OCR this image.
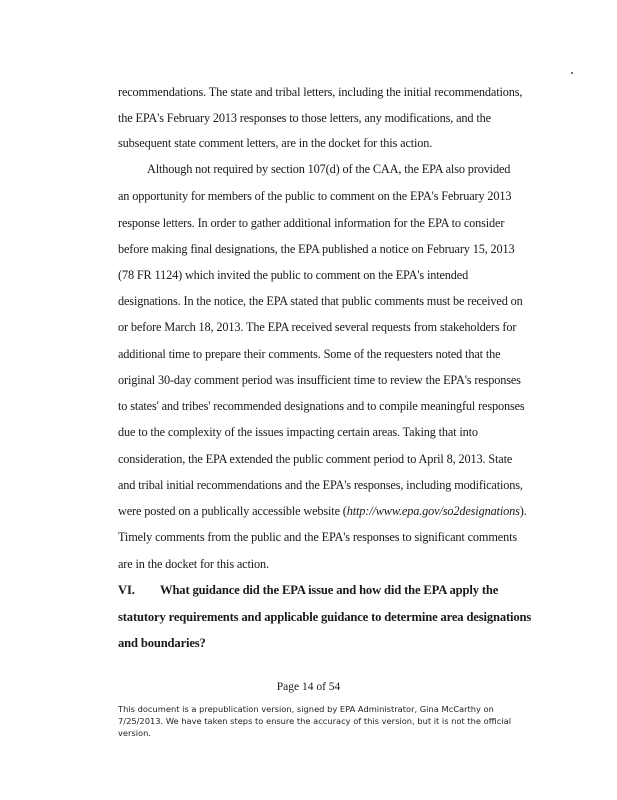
recommendations. The state and tribal letters, including the initial recommendations,
the EPA's February 2013 responses to those letters, any modifications, and the
subsequent state comment letters, are in the docket for this action.
Although not required by section 107(d) of the CAA, the EPA also provided
an opportunity for members of the public to comment on the EPA's February 2013
response letters. In order to gather additional information for the EPA to consider
before making final designations, the EPA published a notice on February 15, 2013
(78 FR 1124) which invited the public to comment on the EPA's intended
designations. In the notice, the EPA stated that public comments must be received on
or before March 18, 2013. The EPA received several requests from stakeholders for
additional time to prepare their comments. Some of the requesters noted that the
original 30-day comment period was insufficient time to review the EPA's responses
to states' and tribes' recommended designations and to compile meaningful responses
due to the complexity of the issues impacting certain areas. Taking that into
consideration, the EPA extended the public comment period to April 8, 2013. State
and tribal initial recommendations and the EPA's responses, including modifications,
were posted on a publically accessible website (http://www.epa.gov/so2designations).
Timely comments from the public and the EPA's responses to significant comments
are in the docket for this action.
VI. What guidance did the EPA issue and how did the EPA apply the
statutory requirements and applicable guidance to determine area designations
and boundaries?
Page 14 of 54
This document is a prepublication version, signed by EPA Administrator, Gina McCarthy on
7/25/2013. We have taken steps to ensure the accuracy of this version, but it is not the official
version.
